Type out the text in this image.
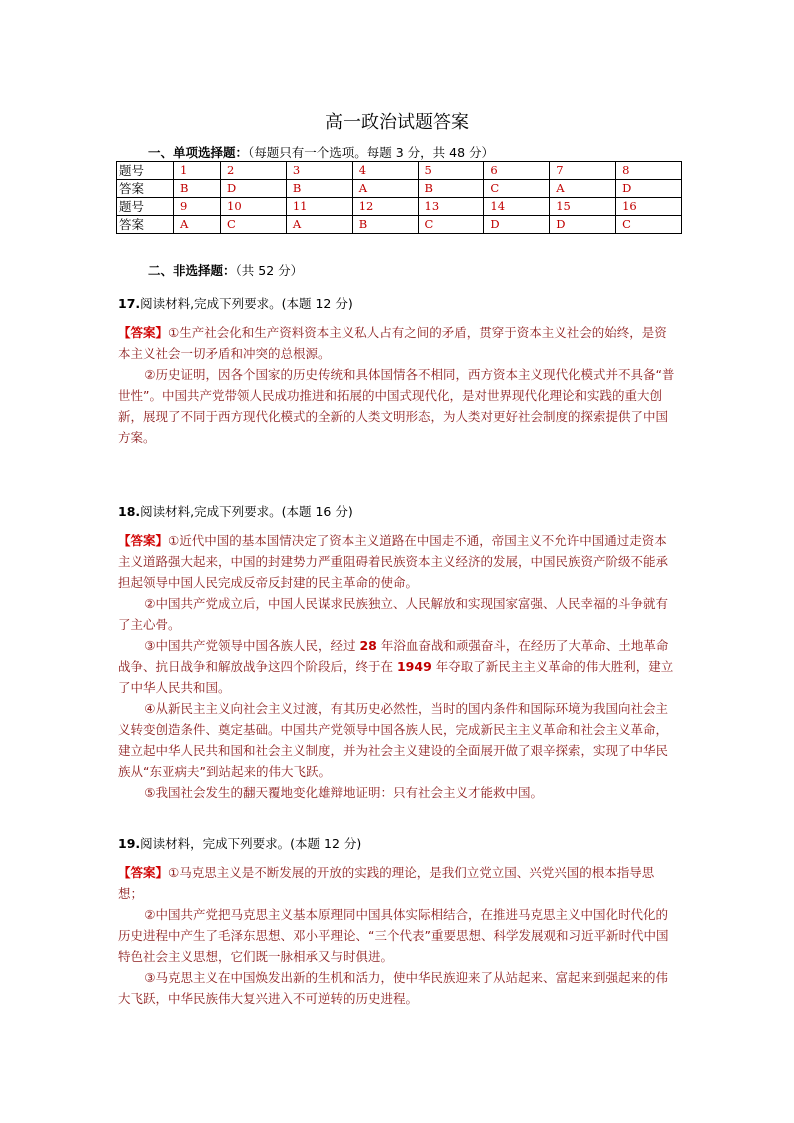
高一政治试题答案
一、单项选择题：（每题只有一个选项。每题 3 分，共 48 分）
题号	1	2	3	4	5	6	7	8
答案	B	D	B	A	B	C	A	D
题号	9	10	11	12	13	14	15	16
答案	A	C	A	B	C	D	D	C
二、非选择题：（共 52 分）
17.阅读材料,完成下列要求。(本题 12 分)

【答案】①生产社会化和生产资料资本主义私人占有之间的矛盾，贯穿于资本主义社会的始终，是资本主义社会一切矛盾和冲突的总根源。

②历史证明，因各个国家的历史传统和具体国情各不相同，西方资本主义现代化模式并不具备“普世性”。中国共产党带领人民成功推进和拓展的中国式现代化，是对世界现代化理论和实践的重大创新，展现了不同于西方现代化模式的全新的人类文明形态，为人类对更好社会制度的探索提供了中国方案。

18.阅读材料,完成下列要求。(本题 16 分)

【答案】①近代中国的基本国情决定了资本主义道路在中国走不通，帝国主义不允许中国通过走资本主义道路强大起来，中国的封建势力严重阻碍着民族资本主义经济的发展，中国民族资产阶级不能承担起领导中国人民完成反帝反封建的民主革命的使命。

②中国共产党成立后，中国人民谋求民族独立、人民解放和实现国家富强、人民幸福的斗争就有了主心骨。

③中国共产党领导中国各族人民，经过 28 年浴血奋战和顽强奋斗，在经历了大革命、土地革命战争、抗日战争和解放战争这四个阶段后，终于在 1949 年夺取了新民主主义革命的伟大胜利，建立了中华人民共和国。

④从新民主主义向社会主义过渡，有其历史必然性，当时的国内条件和国际环境为我国向社会主义转变创造条件、奠定基础。中国共产党领导中国各族人民，完成新民主主义革命和社会主义革命，建立起中华人民共和国和社会主义制度，并为社会主义建设的全面展开做了艰辛探索，实现了中华民族从“东亚病夫”到站起来的伟大飞跃。

⑤我国社会发生的翻天覆地变化雄辩地证明：只有社会主义才能救中国。

19.阅读材料，完成下列要求。(本题 12 分)

【答案】①马克思主义是不断发展的开放的实践的理论，是我们立党立国、兴党兴国的根本指导思想；

②中国共产党把马克思主义基本原理同中国具体实际相结合，在推进马克思主义中国化时代化的历史进程中产生了毛泽东思想、邓小平理论、“三个代表”重要思想、科学发展观和习近平新时代中国特色社会主义思想，它们既一脉相承又与时俱进。

③马克思主义在中国焕发出新的生机和活力，使中华民族迎来了从站起来、富起来到强起来的伟大飞跃，中华民族伟大复兴进入不可逆转的历史进程。
